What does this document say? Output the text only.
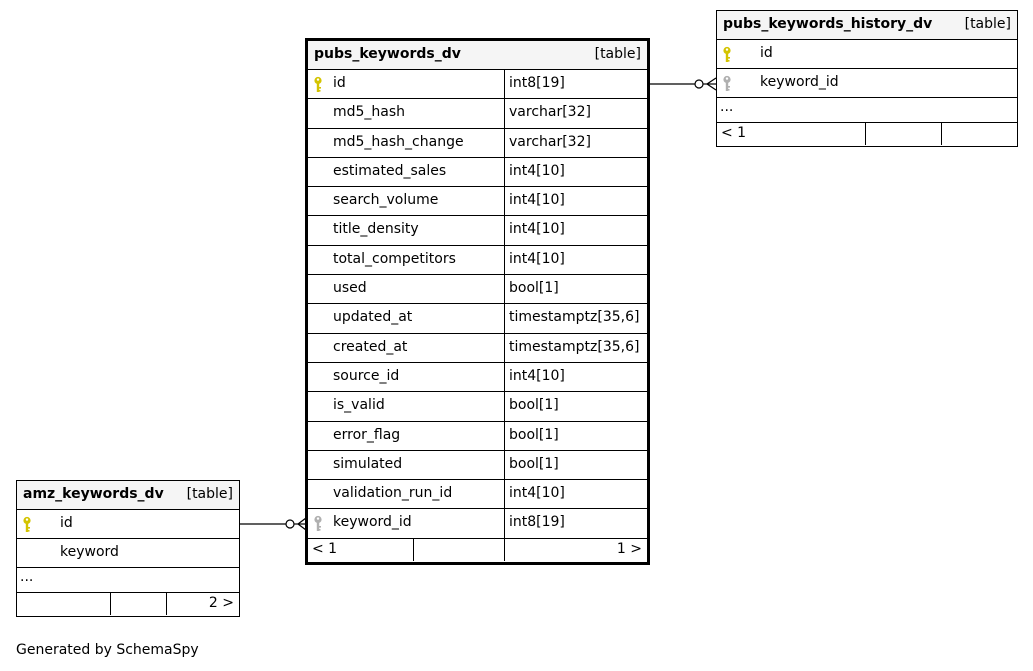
pubs_keywords_dv	[table]
id	int8[19]
md5_hash	varchar[32]
md5_hash_change	varchar[32]
estimated_sales	int4[10]
search_volume	int4[10]
title_density	int4[10]
total_competitors	int4[10]
used	bool[1]
updated_at	timestamptz[35,6]
created_at	timestamptz[35,6]
source_id	int4[10]
is_valid	bool[1]
error_flag	bool[1]
simulated	bool[1]
validation_run_id	int4[10]
keyword_id	int8[19]
< 1	1 >
pubs_keywords_history_dv [table]
id
keyword_id
...
< 1
amz_keywords_dv [table]
id
keyword
...
2 >
Generated by SchemaSpy
